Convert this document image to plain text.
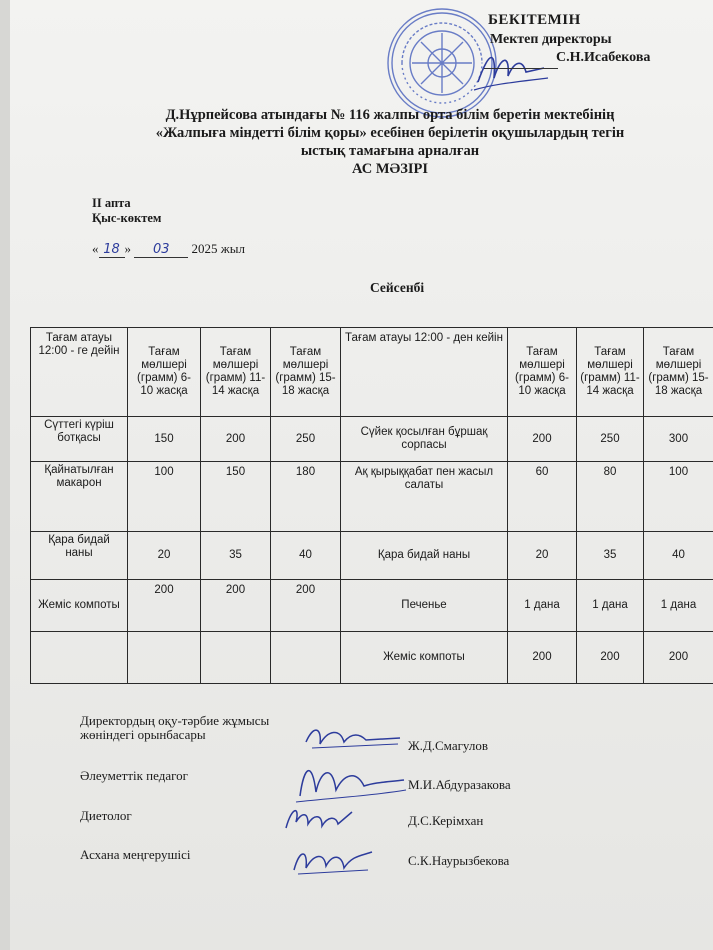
БЕКІТЕМІН
Мектеп директоры
С.Н.Исабекова
Д.Нұрпейсова атындағы № 116 жалпы орта білім беретін мектебінің
«Жалпыға міндетті білім қоры» есебінен берілетін оқушылардың тегін
ыстық тамағына арналған
АС МӘЗІРІ
ІІ апта
Қыс-көктем
« 18 » 03 2025 жыл
Сейсенбі
Тағам атауы 12:00 - ге дейін	Тағам мөлшері (грамм) 6-10 жасқа	Тағам мөлшері (грамм) 11-14 жасқа	Тағам мөлшері (грамм) 15-18 жасқа	Тағам атауы 12:00 - ден кейін	Тағам мөлшері (грамм) 6-10 жасқа	Тағам мөлшері (грамм) 11-14 жасқа	Тағам мөлшері (грамм) 15-18 жасқа
Сүттегі күріш ботқасы	150	200	250	Сүйек қосылған бұршақ сорпасы	200	250	300
Қайнатылған макарон	100	150	180	Ақ қырыққабат пен жасыл салаты	60	80	100
Қара бидай наны	20	35	40	Қара бидай наны	20	35	40
Жеміс компоты	200	200	200	Печенье	1 дана	1 дана	1 дана
				Жеміс компоты	200	200	200
Директордың оқу-тәрбие жұмысы жөніндегі орынбасары
Ж.Д.Смагулов
Әлеуметтік педагог
М.И.Абдуразакова
Диетолог	Д.С.Керімхан
Асхана меңгерушісі	С.К.Наурызбекова
